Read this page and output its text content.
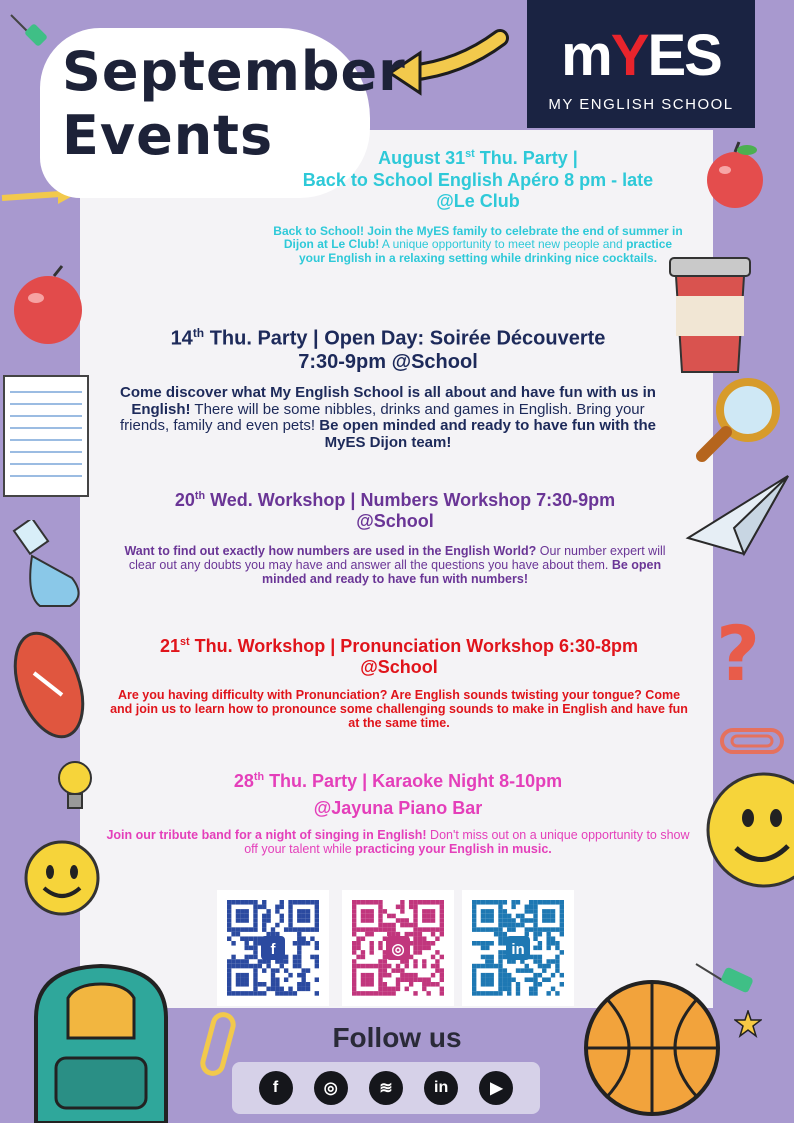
?
September
Events
mYES
MY ENGLISH SCHOOL
August 31st Thu. Party |
Back to School English Apéro 8 pm - late
@Le Club

Back to School! Join the MyES family to celebrate the end of summer in Dijon at Le Club! A unique opportunity to meet new people and practice your English in a relaxing setting while drinking nice cocktails.

14th Thu. Party | Open Day: Soirée Découverte
7:30-9pm @School

Come discover what My English School is all about and have fun with us in English! There will be some nibbles, drinks and games in English. Bring your friends, family and even pets! Be open minded and ready to have fun with the MyES Dijon team!

20th Wed. Workshop | Numbers Workshop 7:30-9pm
@School

Want to find out exactly how numbers are used in the English World? Our number expert will clear out any doubts you may have and answer all the questions you have about them. Be open minded and ready to have fun with numbers!

21st Thu. Workshop | Pronunciation Workshop 6:30-8pm
@School

Are you having difficulty with Pronunciation? Are English sounds twisting your tongue? Come and join us to learn how to pronounce some challenging sounds to make in English and have fun at the same time.

28th Thu. Party | Karaoke Night 8-10pm
@Jayuna Piano Bar

Join our tribute band for a night of singing in English! Don't miss out on a unique opportunity to show off your talent while practicing your English in music.

f	◎	in
Follow us
f	◎	≋	in	▶
